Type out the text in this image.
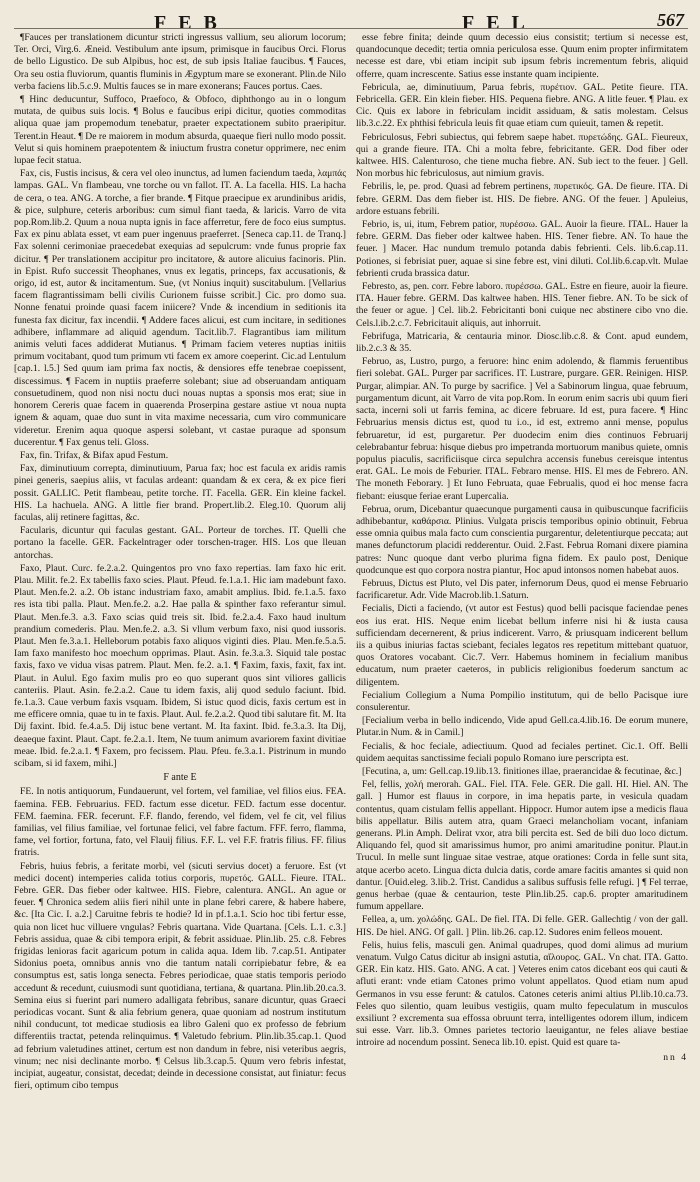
FEB	FEL	567

¶Fauces per translationem dicuntur stricti ingressus vallium, seu aliorum locorum; Ter. Orci, Virg.6. Æneid. Vestibulum ante ipsum, primisque in faucibus Orci. Florus de bello Ligustico. De sub Alpibus, hoc est, de sub ipsis Italiae faucibus. ¶ Fauces, Ora seu ostia fluviorum, quantis fluminis in Ægyptum mare se exonerant. Plin.de Nilo verba faciens lib.5.c.9. Multis fauces se in mare exonerans; Fauces portus. Caes.

¶ Hinc deducuntur, Suffoco, Praefoco, & Obfoco, diphthongo au in o longum mutata, de quibus suis locis. ¶ Bolus e faucibus eripi dicitur, quoties commoditas aliqua quae jam propemodum tenebatur, praeter expectationem subito praeripitur. Terent.in Heaut. ¶ De re maiorem in modum absurda, quaeque fieri nullo modo possit. Velut si quis hominem praepotentem & iniuctum frustra conetur opprimere, nec enim lupae fecit statua.

Fax, cis, Fustis incisus, & cera vel oleo inunctus, ad lumen faciendum taeda, λαμπάς lampas. GAL. Vn flambeau, vne torche ou vn fallot. IT. A. La facella. HIS. La hacha de cera, o tea. ANG. A torche, a fier brande. ¶ Fitque praecipue ex arundinibus aridis, & pice, sulphure, ceteris arboribus: cum simul fiant taeda, & laricis. Varro de vita pop.Rom.lib.2. Quum a noua nupta ignis in face afferretur, fere de foco eius sumptus. Fax ex pinu ablata esset, vt eam puer ingenuus praeferret. [Seneca cap.11. de Tranq.] Fax solenni cerimoniae praecedebat exequias ad sepulcrum: vnde funus proprie fax dicitur. ¶ Per translationem accipitur pro incitatore, & autore alicuius facinoris. Plin. in Epist. Rufo successit Theophanes, vnus ex legatis, princeps, fax accusationis, & origo, id est, autor & incitamentum. Sue, (vt Nonius inquit) suscitabulum. [Vellarius facem flagrantissimam belli civilis Curionem fuisse scribit.] Cic. pro domo sua. Nonne fenatui proinde quasi facem iniicere? Vnde & incendium in seditionis ita funesta fax dicitur, fax incendii. ¶ Addere faces alicui, est cum incitare, in seditiones adhibere, inflammare ad aliquid agendum. Tacit.lib.7. Flagrantibus iam militum animis veluti faces addiderat Mutianus. ¶ Primam faciem veteres nuptias initiis primum vocitabant, quod tum primum vti facem ex amore coeperint. Cic.ad Lentulum [cap.1. l.5.] Sed quum iam prima fax noctis, & densiores effe tenebrae coepissent, discessimus. ¶ Facem in nuptiis praeferre solebant; siue ad obseruandam antiquam consuetudinem, quod non nisi noctu duci nouas nuptas a sponsis mos erat; siue in honorem Cereris quae facem in quaerenda Proserpina gestare astiue vt noua nupta ignem & aquam, quae duo sunt in vita maxime necessaria, cum viro communicare videretur. Erenim aqua quoque aspersi solebant, vt castae puraque ad sponsum ducerentur. ¶ Fax genus teli. Gloss.

Fax, fin. Trifax, & Bifax apud Festum.

Fax, diminutiuum correpta, diminutiuum, Parua fax; hoc est facula ex aridis ramis pinei generis, saepius aliis, vt faculas ardeant: quandam & ex cera, & ex pice fieri possit. GALLIC. Petit flambeau, petite torche. IT. Facella. GER. Ein kleine fackel. HIS. La hachuela. ANG. A little fier brand. Propert.lib.2. Eleg.10. Quorum alij faculas, alij retinere fagittas, &c.

Facularis, dicuntur qui faculas gestant. GAL. Porteur de torches. IT. Quelli che portano la facelle. GER. Fackelntrager oder torschen-trager. HIS. Los que lleuan antorchas.

Faxo, Plaut. Curc. fe.2.a.2. Quingentos pro vno faxo repertias. Iam faxo hic erit. Plau. Milit. fe.2. Ex tabellis faxo scies. Plaut. Pfeud. fe.1.a.1. Hic iam madebunt faxo. Plaut. Men.fe.2. a.2. Ob istanc industriam faxo, amabit amplius. Ibid. fe.1.a.5. faxo res ista tibi palla. Plaut. Men.fe.2. a.2. Hae palla & spinther faxo referantur simul. Plaut. Men.fe.3. a.3. Faxo scias quid treis sit. Ibid. fe.2.a.4. Faxo haud inultum prandium comederis. Plau. Men.fe.2. a.3. Si vllum verbum faxo, nisi quod iussoris. Plaut. Men fe.3.a.1. Helleborum potabis faxo aliquos viginti dies. Plau. Men.fe.5.a.5. Iam faxo manifesto hoc moechum opprimas. Plaut. Asin. fe.3.a.3. Siquid tale postac faxis, faxo ve vidua visas patrem. Plaut. Men. fe.2. a.1. ¶ Faxim, faxis, faxit, fax int. Plaut. in Aulul. Ego faxim mulis pro eo quo superant quos sint viliores gallicis canteriis. Plaut. Asin. fe.2.a.2. Caue tu idem faxis, alij quod sedulo faciunt. Ibid. fe.1.a.3. Caue verbum faxis vsquam. Ibidem, Si istuc quod dicis, faxis certum est in me efficere omnia, quae tu in te faxis. Plaut. Aul. fe.2.a.2. Quod tibi salutare fit. M. Ita Dij faxint. Ibid. fe.4.a.5. Dij istuc bene vertant. M. Ita faxint. Ibid. fe.3.a.3. Ita Dij, deaeque faxint. Plaut. Capt. fe.2.a.1. Item, Ne tuum animum avariorem faxint divitiae meae. Ibid. fe.2.a.1. ¶ Faxem, pro fecissem. Plau. Pfeu. fe.3.a.1. Pistrinum in mundo scibam, si id faxem, mihi.]

F ante E

FE. In notis antiquorum, Fundauerunt, vel fortem, vel familiae, vel filios eius. FEA. faemina. FEB. Februarius. FED. factum esse dicetur. FED. factum esse docentur. FEM. faemina. FER. fecerunt. F.F. flando, ferendo, vel fidem, vel fe cit, vel filius familias, vel filius familiae, vel fortunae felici, vel fabre factum. FFF. ferro, flamma, fame, vel fortior, fortuna, fato, vel Flauij filius. F.F. L. vel F.F. fratris filius. FF. filius fratris.

Febris, huius febris, a feritate morbi, vel (sicuti servius docet) a feruore. Est (vt medici docent) intemperies calida totius corporis, πυρετός. GALL. Fieure. ITAL. Febre. GER. Das fieber oder kaltwee. HIS. Fiebre, calentura. ANGL. An ague or feuer. ¶ Chronica sedem aliis fieri nihil unte in plane febri carere, & habere habere, &c. [Ita Cic. I. a.2.] Caruitne febris te hodie? Id in pf.1.a.1. Scio hoc tibi fertur esse, quia non licet huc villuere vngulas? Febris quartana. Vide Quartana. [Cels. L.1. c.3.] Febris assidua, quae & cibi tempora eripit, & febrit assiduae. Plin.lib. 25. c.8. Febres frigidas lenioras facit agaricum potum in calida aqua. Idem lib. 7.cap.51. Antipater Sidonius poeta, omnibus annis vno die tantum natali corripiebatur febre, & ea consumptus est, satis longa senecta. Febres periodicae, quae statis temporis periodo accedunt & recedunt, cuiusmodi sunt quotidiana, tertiana, & quartana. Plin.lib.20.ca.3. Semina eius si fuerint pari numero adalligata febribus, sanare dicuntur, quas Graeci periodicas vocant. Sunt & alia febrium genera, quae quoniam ad nostrum institutum nihil conducunt, tot medicae studiosis ea libro Galeni quo ex professo de febrium differentiis tractat, petenda relinquimus. ¶ Valetudo febrium. Plin.lib.35.cap.1. Quod ad febrium valetudines attinet, certum est non dandum in febre, nisi veteribus aegris, vinum; nec nisi declinante morbo. ¶ Celsus lib.3.cap.5. Quum vero febris infestat, incipiat, augeatur, consistat, decedat; deinde in decessione consistat, aut finiatur: fecus fieri, optimum cibo tempus

esse febre finita; deinde quum decessio eius consistit; tertium si necesse est, quandocunque decedit; tertia omnia periculosa esse. Quum enim propter infirmitatem necesse est dare, vbi etiam incipit sub ipsum febris incrementum febris, aliquid offerre, quam increscente. Satius esse instante quam incipiente.

Febricula, ae, diminutiuum, Parua febris, πυρέτιον. GAL. Petite fieure. ITA. Febricella. GER. Ein klein fieber. HIS. Pequena fiebre. ANG. A litle feuer. ¶ Plau. ex Cic. Quis ex labore in febriculam incidit assiduam, & satis molestam. Celsus lib.3.c.22. Ex phthisi febricula leuis fit quae etiam cum quieuit, tamen & repetit.

Febriculosus, Febri subiectus, qui febrem saepe habet. πυρετώδης. GAL. Fieureux, qui a grande fieure. ITA. Chi a molta febre, febricitante. GER. Dod fiber oder kaltwee. HIS. Calenturoso, che tiene mucha fiebre. AN. Sub iect to the feuer. ] Gell. Non morbus hic febriculosus, aut nimium gravis.

Febrilis, le, pe. prod. Quasi ad febrem pertinens, πυρετικός. GA. De fieure. ITA. Di febre. GERM. Das dem fieber ist. HIS. De fiebre. ANG. Of the feuer. ] Apuleius, ardore estuans febrili.

Febrio, is, ui, itum, Febrem patior, πυρέσσω. GAL. Auoir la fieure. ITAL. Hauer la febre. GERM. Das fieber oder kaltwee haben. HIS. Tener fiebre. AN. To haue the feuer. ] Macer. Hac nundum tremulo potanda dabis febrienti. Cels. lib.6.cap.11. Potiones, si febrisiat puer, aquae si sine febre est, vini diluti. Col.lib.6.cap.vlt. Mulae febrienti cruda brassica datur.

Febresto, as, pen. corr. Febre laboro. πυρέσσω. GAL. Estre en fieure, auoir la fieure. ITA. Hauer febre. GERM. Das kaltwee haben. HIS. Tener fiebre. AN. To be sick of the feuer or ague. ] Cel. lib.2. Febricitanti boni cuique nec abstinere cibo vno die. Cels.l.ib.2.c.7. Febricitauit aliquis, aut inhorruit.

Febrifuga, Matricaria, & centauria minor. Diosc.lib.c.8. & Cont. apud eundem, lib.2.c.3 & 35.

Februo, as, Lustro, purgo, a feruore: hinc enim adolendo, & flammis feruentibus fieri solebat. GAL. Purger par sacrifices. IT. Lustrare, purgare. GER. Reinigen. HISP. Purgar, alimpiar. AN. To purge by sacrifice. ] Vel a Sabinorum lingua, quae februum, purgamentum dicunt, ait Varro de vita pop.Rom. In eorum enim sacris ubi quum fieri sacta, incerni soli ut farris femina, ac dicere februare. Id est, pura facere. ¶ Hinc Februarius mensis dictus est, quod tu i.o., id est, extremo anni mense, populus februaretur, id est, purgaretur. Per duodecim enim dies continuos Februarij celebrabantur februa: hisque diebus pro impetranda mortuorum manibus quiete, omnis populus piaculis, sacrificiisque circa sepulchra accensis funebus cereisque intentus erat. GAL. Le mois de Feburier. ITAL. Febraro mense. HIS. El mes de Febrero. AN. The moneth Feborary. ] Et Iuno Februata, quae Februalis, quod ei hoc mense facra fiebant: eiusque feriae erant Lupercalia.

Februa, orum, Dicebantur quaecunque purgamenti causa in quibuscunque facrificiis adhibebantur, καθάρσια. Plinius. Vulgata priscis temporibus opinio obtinuit, Februa esse omnia quibus mala facto cum conscientia purgarentur, deletentiurque peccata; aut manes defunctorum placidi redderentur. Ouid. 2.Fast. Februa Romani dixere piamina patres: Nunc quoque dant verbo plurima figna fidem. Ex paulo post, Denique quodcunque est quo corpora nostra piantur, Hoc apud intonsos nomen habebat auos.

Februus, Dictus est Pluto, vel Dis pater, infernorum Deus, quod ei mense Februario facrificaretur. Adr. Vide Macrob.lib.1.Saturn.

Fecialis, Dicti a faciendo, (vt autor est Festus) quod belli pacisque faciendae penes eos ius erat. HIS. Neque enim licebat bellum inferre nisi hi & iusta causa sufficiendam decernerent, & prius indicerent. Varro, & priusquam indicerent bellum iis a quibus iniurias factas sciebant, feciales legatos res repetitum mittebant quatuor, quos Oratores vocabant. Cic.7. Verr. Habemus hominem in fecialium manibus educatum, num praeter caeteros, in publicis religionibus foederum sanctum ac diligentem.

Fecialium Collegium a Numa Pompilio institutum, qui de bello Pacisque iure consulerentur.

[Fecialium verba in bello indicendo, Vide apud Gell.ca.4.lib.16. De eorum munere, Plutar.in Num. & in Camil.]

Fecialis, & hoc feciale, adiectiuum. Quod ad feciales pertinet. Cic.1. Off. Belli quidem aequitas sanctissime feciali populo Romano iure perscripta est.

[Fecutina, a, um: Gell.cap.19.lib.13. finitiones illae, praerancidae & fecutinae, &c.]

Fel, fellis, χολή merorah. GAL. Fiel. ITA. Fele. GER. Die gall. HI. Hiel. AN. The gall. ] Humor est flauus in corpore, in ima hepatis parte, in vesicula quadam contentus, quam cistulam fellis appellant. Hippocr. Humor autem ipse a medicis flaua bilis appellatur. Bilis autem atra, quam Graeci melancholiam vocant, infaniam generans. Pl.in Amph. Delirat vxor, atra bili percita est. Sed de bili duo loco dictum. Aliquando fel, quod sit amarissimus humor, pro animi amaritudine ponitur. Plaut.in Trucul. In melle sunt linguae sitae vestrae, atque orationes: Corda in felle sunt sita, atque acerbo aceto. Lingua dicta dulcia datis, corde amare facitis amantes si quid non dantur. [Ouid.eleg. 3.lib.2. Trist. Candidus a salibus suffusis felle refugi. ] ¶ Fel terrae, genus herbae (quae & centaurion, teste Plin.lib.25. cap.6. propter amaritudinem fumum appellare.

Fellea, a, um. χολώδης. GAL. De fiel. ITA. Di felle. GER. Gallechtig / von der gall. HIS. De hiel. ANG. Of gall. ] Plin. lib.26. cap.12. Sudores enim felleos mouent.

Felis, huius felis, masculi gen. Animal quadrupes, quod domi alimus ad murium venatum. Vulgo Catus dicitur ab insigni astutia, αἴλουρος. GAL. Vn chat. ITA. Gatto. GER. Ein katz. HIS. Gato. ANG. A cat. ] Veteres enim catos dicebant eos qui cauti & afluti erant: vnde etiam Catones primo volunt appellatos. Quod etiam num apud Germanos in vsu esse ferunt: & catulos. Catones ceteris animi altius Pl.lib.10.ca.73. Feles quo silentio, quam leuibus vestigiis, quam multo fepeculatum in musculos exsiliunt ? excrementa sua effossa obruunt terra, intelligentes odorem illum, indicem sui esse. Varr. lib.3. Omnes parietes tectorio laeuigantur, ne feles aliave bestiae introire ad nocendum possint. Seneca lib.10. epist. Quid est quare ta-

nn 4
